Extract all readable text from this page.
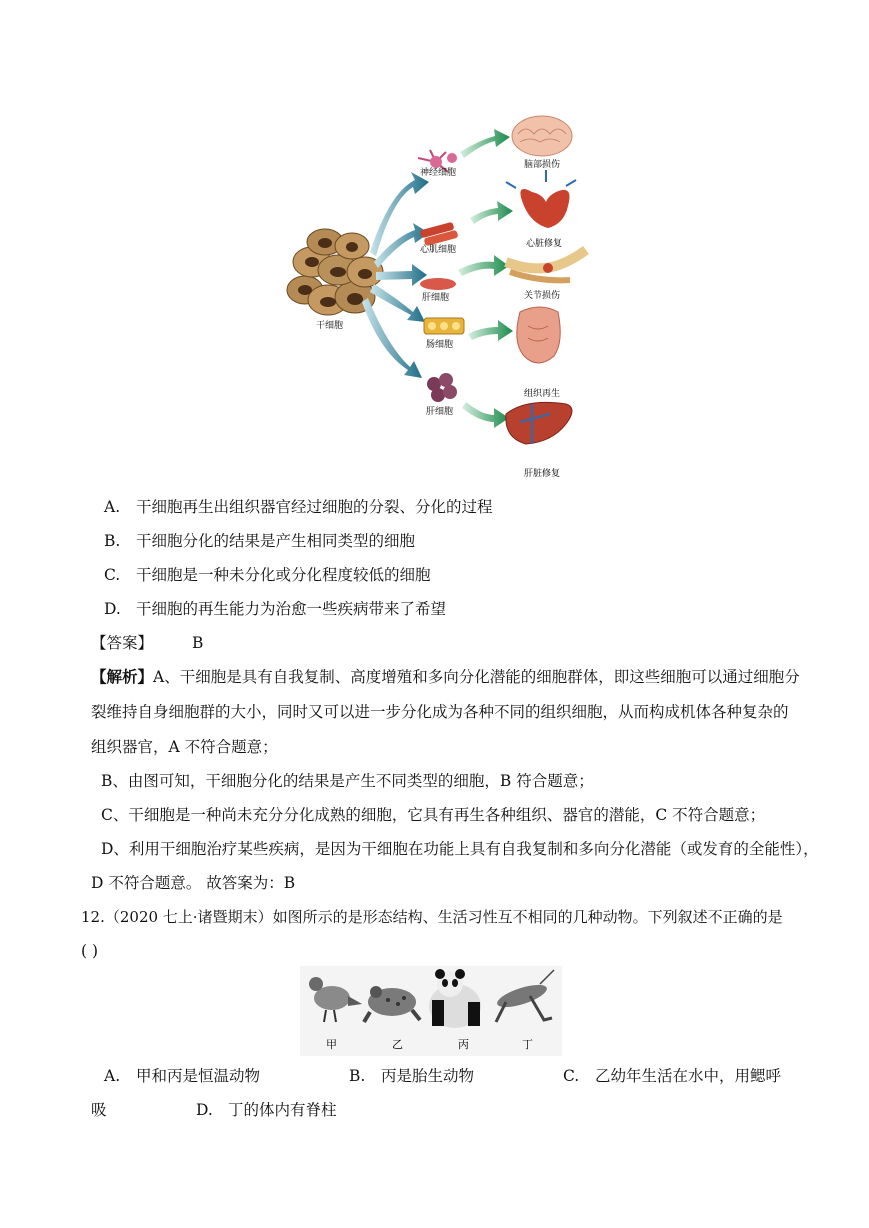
干细胞
神经细胞
心肌细胞
肝细胞
肠细胞
肝细胞
脑部损伤
心脏修复
关节损伤
组织再生
肝脏修复
A. 干细胞再生出组织器官经过细胞的分裂、分化的过程
B. 干细胞分化的结果是产生相同类型的细胞
C. 干细胞是一种未分化或分化程度较低的细胞
D. 干细胞的再生能力为治愈一些疾病带来了希望
【答案】	B
【解析】A、干细胞是具有自我复制、高度增殖和多向分化潜能的细胞群体，即这些细胞可以通过细胞分
裂维持自身细胞群的大小，同时又可以进一步分化成为各种不同的组织细胞，从而构成机体各种复杂的
组织器官，A 不符合题意；
B、由图可知，干细胞分化的结果是产生不同类型的细胞，B 符合题意；
C、干细胞是一种尚未充分分化成熟的细胞，它具有再生各种组织、器官的潜能，C 不符合题意；
D、利用干细胞治疗某些疾病，是因为干细胞在功能上具有自我复制和多向分化潜能（或发育的全能性），
D 不符合题意。 故答案为：B
12.（2020 七上·诸暨期末）如图所示的是形态结构、生活习性互不相同的几种动物。下列叙述不正确的是
( )
甲	乙	丙	丁
A. 甲和丙是恒温动物	B. 丙是胎生动物	C. 乙幼年生活在水中，用鳃呼
吸	D. 丁的体内有脊柱
